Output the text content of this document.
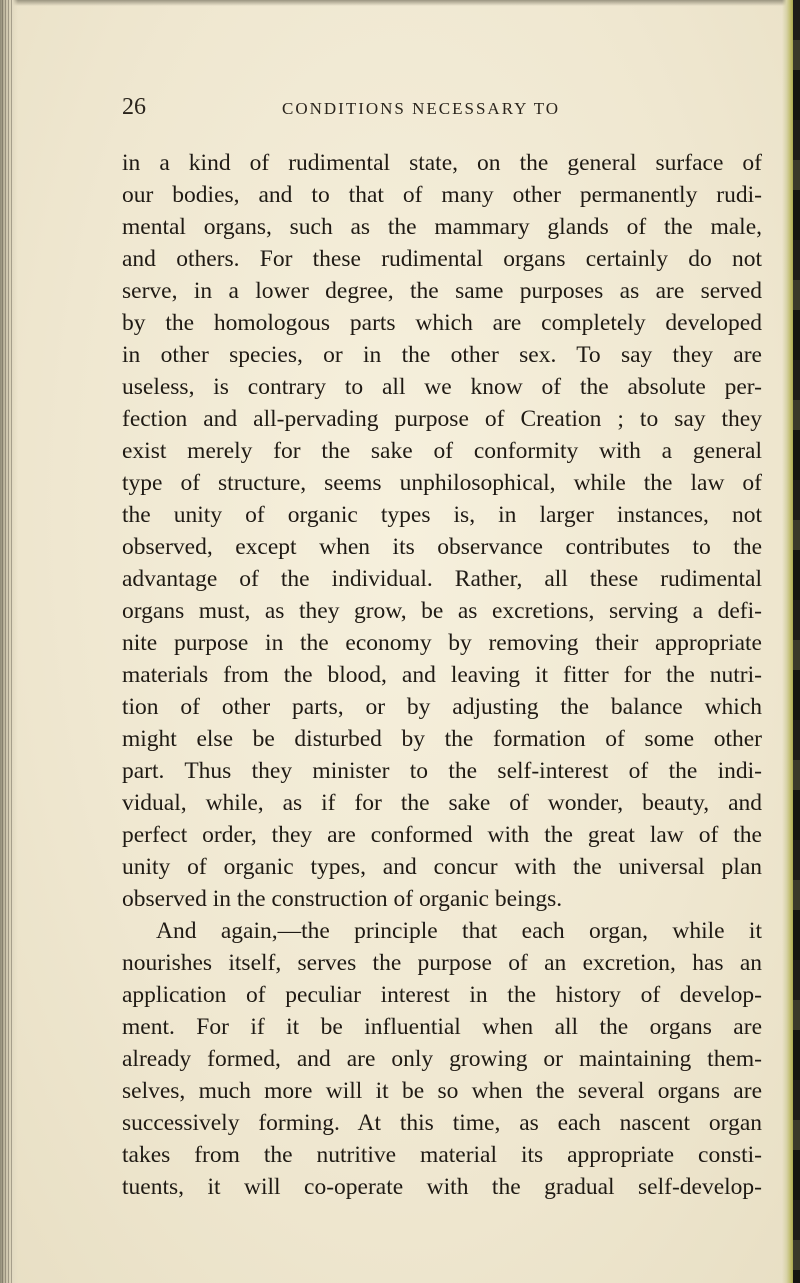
26	CONDITIONS NECESSARY TO
in a kind of rudimental state, on the general surface of
our bodies, and to that of many other permanently rudi-
mental organs, such as the mammary glands of the male,
and others. For these rudimental organs certainly do not
serve, in a lower degree, the same purposes as are served
by the homologous parts which are completely developed
in other species, or in the other sex. To say they are
useless, is contrary to all we know of the absolute per-
fection and all-pervading purpose of Creation ; to say they
exist merely for the sake of conformity with a general
type of structure, seems unphilosophical, while the law of
the unity of organic types is, in larger instances, not
observed, except when its observance contributes to the
advantage of the individual. Rather, all these rudimental
organs must, as they grow, be as excretions, serving a defi-
nite purpose in the economy by removing their appropriate
materials from the blood, and leaving it fitter for the nutri-
tion of other parts, or by adjusting the balance which
might else be disturbed by the formation of some other
part. Thus they minister to the self-interest of the indi-
vidual, while, as if for the sake of wonder, beauty, and
perfect order, they are conformed with the great law of the
unity of organic types, and concur with the universal plan
observed in the construction of organic beings.
And again,—the principle that each organ, while it
nourishes itself, serves the purpose of an excretion, has an
application of peculiar interest in the history of develop-
ment. For if it be influential when all the organs are
already formed, and are only growing or maintaining them-
selves, much more will it be so when the several organs are
successively forming. At this time, as each nascent organ
takes from the nutritive material its appropriate consti-
tuents, it will co-operate with the gradual self-develop-
